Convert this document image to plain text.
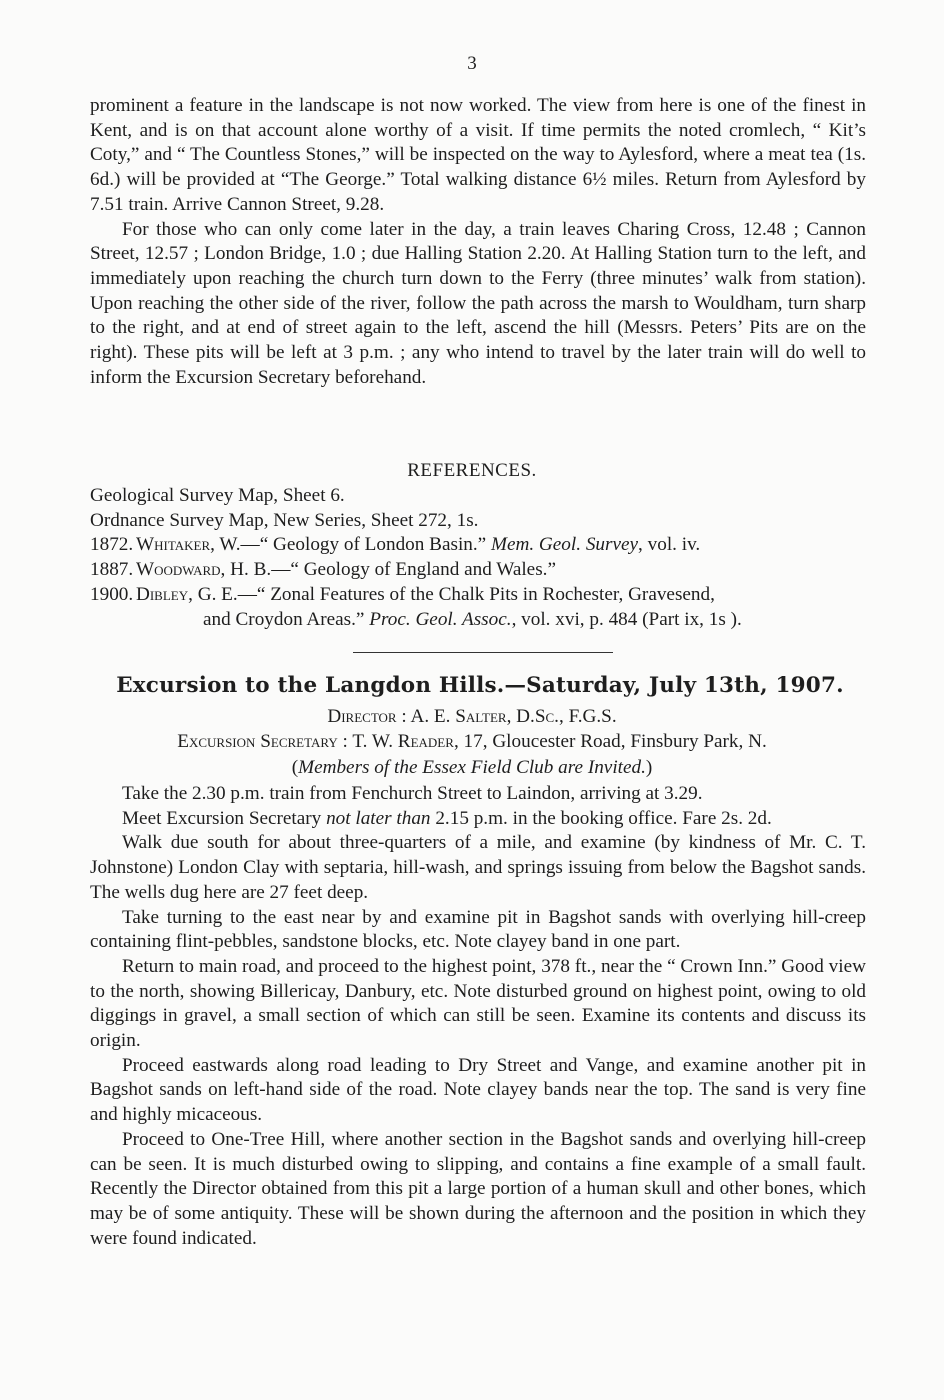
3

prominent a feature in the landscape is not now worked. The view from here is one of the finest in Kent, and is on that account alone worthy of a visit. If time permits the noted cromlech, “ Kit’s Coty,” and “ The Countless Stones,” will be inspected on the way to Aylesford, where a meat tea (1s. 6d.) will be provided at “The George.” Total walking distance 6½ miles. Return from Aylesford by 7.51 train. Arrive Cannon Street, 9.28.

For those who can only come later in the day, a train leaves Charing Cross, 12.48 ; Cannon Street, 12.57 ; London Bridge, 1.0 ; due Halling Station 2.20. At Halling Station turn to the left, and immediately upon reaching the church turn down to the Ferry (three minutes’ walk from station). Upon reaching the other side of the river, follow the path across the marsh to Wouldham, turn sharp to the right, and at end of street again to the left, ascend the hill (Messrs. Peters’ Pits are on the right). These pits will be left at 3 p.m. ; any who intend to travel by the later train will do well to inform the Excursion Secretary beforehand.

REFERENCES.
Geological Survey Map, Sheet 6.
Ordnance Survey Map, New Series, Sheet 272, 1s.
1872. Whitaker, W.—“ Geology of London Basin.” Mem. Geol. Survey, vol. iv.
1887. Woodward, H. B.—“ Geology of England and Wales.”
1900. Dibley, G. E.—“ Zonal Features of the Chalk Pits in Rochester, Gravesend,
and Croydon Areas.” Proc. Geol. Assoc., vol. xvi, p. 484 (Part ix, 1s ).
Excursion to the Langdon Hills.—Saturday, July 13th, 1907.
Director : A. E. Salter, D.Sc., F.G.S.
Excursion Secretary : T. W. Reader, 17, Gloucester Road, Finsbury Park, N.
(Members of the Essex Field Club are Invited.)

Take the 2.30 p.m. train from Fenchurch Street to Laindon, arriving at 3.29.

Meet Excursion Secretary not later than 2.15 p.m. in the booking office. Fare 2s. 2d.

Walk due south for about three-quarters of a mile, and examine (by kindness of Mr. C. T. Johnstone) London Clay with septaria, hill-wash, and springs issuing from below the Bagshot sands. The wells dug here are 27 feet deep.

Take turning to the east near by and examine pit in Bagshot sands with overlying hill-creep containing flint-pebbles, sandstone blocks, etc. Note clayey band in one part.

Return to main road, and proceed to the highest point, 378 ft., near the “ Crown Inn.” Good view to the north, showing Billericay, Danbury, etc. Note disturbed ground on highest point, owing to old diggings in gravel, a small section of which can still be seen. Examine its contents and discuss its origin.

Proceed eastwards along road leading to Dry Street and Vange, and examine another pit in Bagshot sands on left-hand side of the road. Note clayey bands near the top. The sand is very fine and highly micaceous.

Proceed to One-Tree Hill, where another section in the Bagshot sands and overlying hill-creep can be seen. It is much disturbed owing to slipping, and contains a fine example of a small fault. Recently the Director obtained from this pit a large portion of a human skull and other bones, which may be of some antiquity. These will be shown during the afternoon and the position in which they were found indicated.
